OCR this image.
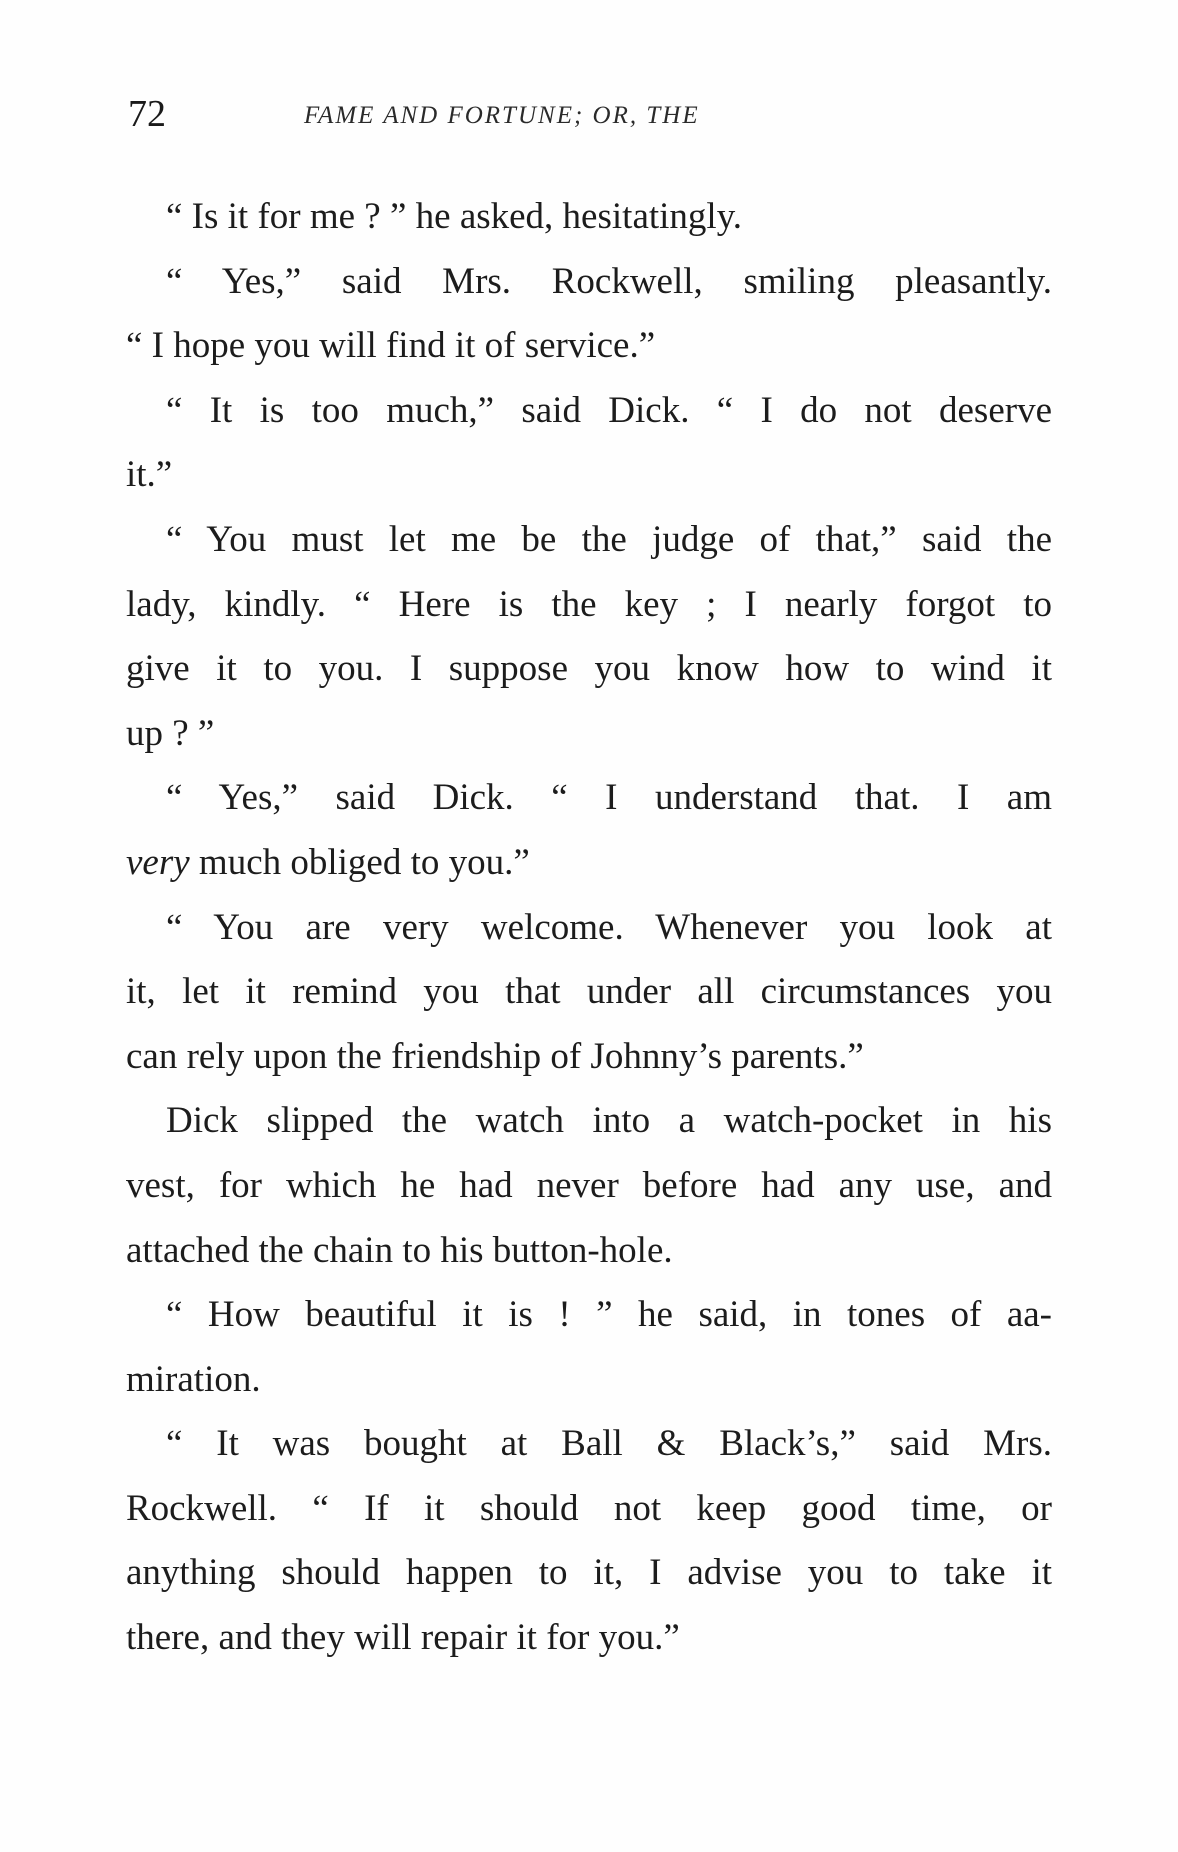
72	FAME AND FORTUNE; OR, THE
“ Is it for me ? ” he asked, hesitatingly.
“ Yes,” said Mrs. Rockwell, smiling pleasantly.
“ I hope you will find it of service.”
“ It is too much,” said Dick. “ I do not deserve
it.”
“ You must let me be the judge of that,” said the
lady, kindly. “ Here is the key ; I nearly forgot to
give it to you. I suppose you know how to wind it
up ? ”
“ Yes,” said Dick. “ I understand that. I am
very much obliged to you.”
“ You are very welcome. Whenever you look at
it, let it remind you that under all circumstances you
can rely upon the friendship of Johnny’s parents.”
Dick slipped the watch into a watch-pocket in his
vest, for which he had never before had any use, and
attached the chain to his button-hole.
“ How beautiful it is ! ” he said, in tones of aa-
miration.
“ It was bought at Ball & Black’s,” said Mrs.
Rockwell. “ If it should not keep good time, or
anything should happen to it, I advise you to take it
there, and they will repair it for you.”
